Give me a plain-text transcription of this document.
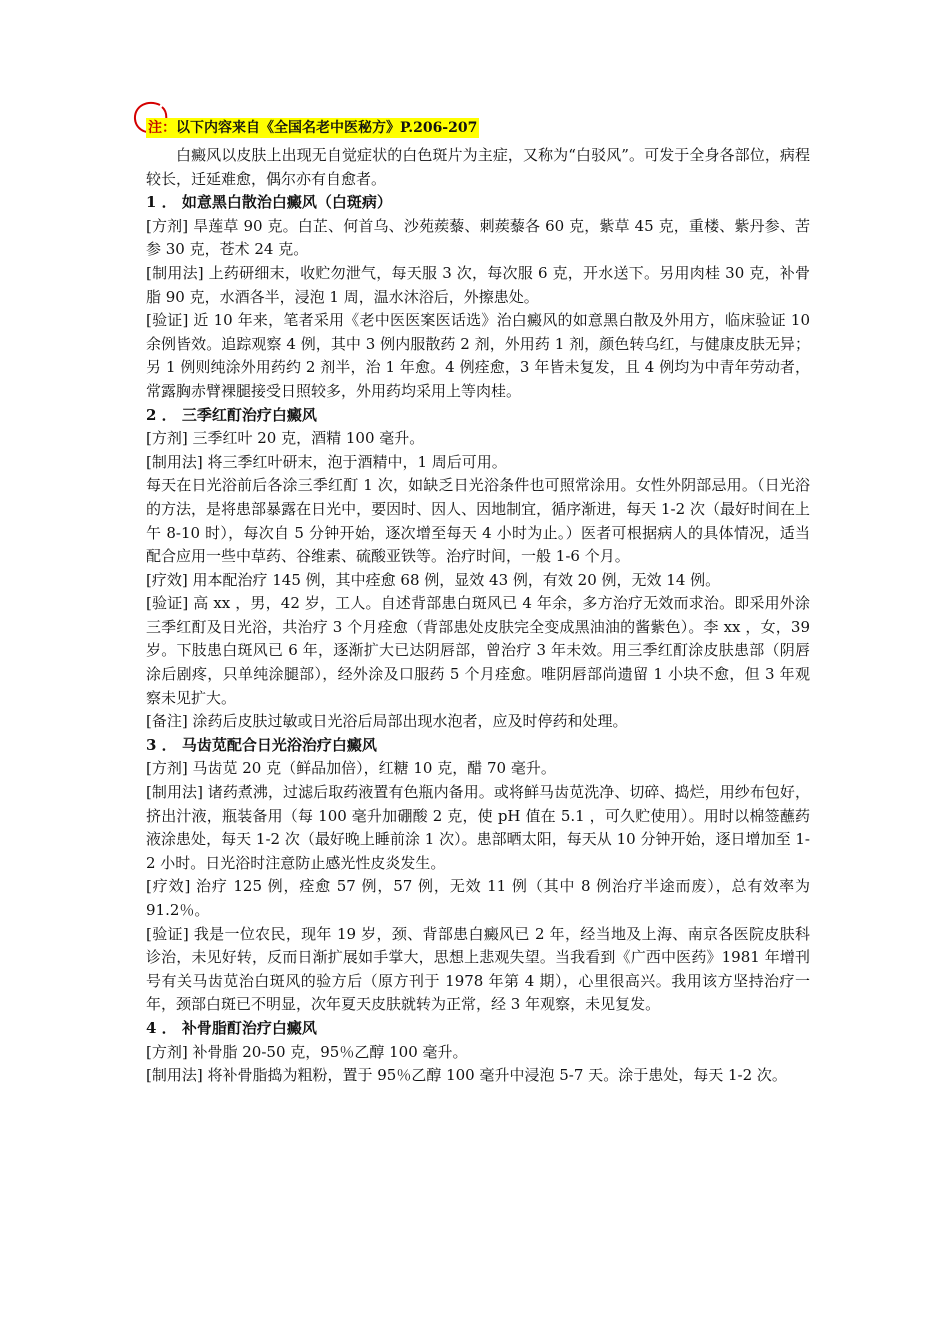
注：以下内容来自《全国名老中医秘方》P.206-207

白癜风以皮肤上出现无自觉症状的白色斑片为主症，又称为“白驳风”。可发于全身各部位，病程较长，迁延难愈，偶尔亦有自愈者。

1 ． 如意黑白散治白癜风（白斑病）

[方剂] 旱莲草 90 克。白芷、何首乌、沙苑蒺藜、刺蒺藜各 60 克，紫草 45 克，重楼、紫丹参、苦参 30 克，苍术 24 克。

[制用法] 上药研细末，收贮勿泄气，每天服 3 次，每次服 6 克，开水送下。另用肉桂 30 克，补骨脂 90 克，水酒各半，浸泡 1 周，温水沐浴后，外擦患处。

[验证] 近 10 年来，笔者采用《老中医医案医话选》治白癜风的如意黑白散及外用方，临床验证 10 余例皆效。追踪观察 4 例，其中 3 例内服散药 2 剂，外用药 1 剂，颜色转乌红，与健康皮肤无异；另 1 例则纯涂外用药约 2 剂半，治 1 年愈。4 例痊愈，3 年皆未复发，且 4 例均为中青年劳动者，常露胸赤臂裸腿接受日照较多，外用药均采用上等肉桂。

2 ． 三季红酊治疗白癜风

[方剂] 三季红叶 20 克，酒精 100 毫升。

[制用法] 将三季红叶研末，泡于酒精中，1 周后可用。

每天在日光浴前后各涂三季红酊 1 次，如缺乏日光浴条件也可照常涂用。女性外阴部忌用。（日光浴的方法，是将患部暴露在日光中，要因时、因人、因地制宜，循序渐进，每天 1-2 次（最好时间在上午 8-10 时），每次自 5 分钟开始，逐次增至每天 4 小时为止。）医者可根据病人的具体情况，适当配合应用一些中草药、谷维素、硫酸亚铁等。治疗时间，一般 1-6 个月。

[疗效] 用本配治疗 145 例，其中痊愈 68 例，显效 43 例，有效 20 例，无效 14 例。

[验证] 高 xx ，男，42 岁，工人。自述背部患白斑风已 4 年余，多方治疗无效而求治。即采用外涂三季红酊及日光浴，共治疗 3 个月痊愈（背部患处皮肤完全变成黑油油的酱紫色）。李 xx ，女，39 岁。下肢患白斑风已 6 年，逐渐扩大已达阴唇部，曾治疗 3 年未效。用三季红酊涂皮肤患部（阴唇涂后剧疼，只单纯涂腿部），经外涂及口服药 5 个月痊愈。唯阴唇部尚遗留 1 小块不愈，但 3 年观察未见扩大。

[备注] 涂药后皮肤过敏或日光浴后局部出现水泡者，应及时停药和处理。

3 ． 马齿苋配合日光浴治疗白癜风

[方剂] 马齿苋 20 克（鲜品加倍），红糖 10 克，醋 70 毫升。

[制用法] 诸药煮沸，过滤后取药液置有色瓶内备用。或将鲜马齿苋洗净、切碎、捣烂，用纱布包好，挤出汁液，瓶装备用（每 100 毫升加硼酸 2 克，使 pH 值在 5.1 ，可久贮使用）。用时以棉签蘸药液涂患处，每天 1-2 次（最好晚上睡前涂 1 次）。患部晒太阳，每天从 10 分钟开始，逐日增加至 1-2 小时。日光浴时注意防止感光性皮炎发生。

[疗效] 治疗 125 例，痊愈 57 例，57 例，无效 11 例（其中 8 例治疗半途而废），总有效率为 91.2％。

[验证] 我是一位农民，现年 19 岁，颈、背部患白癜风已 2 年，经当地及上海、南京各医院皮肤科诊治，未见好转，反而日渐扩展如手掌大，思想上悲观失望。当我看到《广西中医药》1981 年增刊号有关马齿苋治白斑风的验方后（原方刊于 1978 年第 4 期），心里很高兴。我用该方坚持治疗一年，颈部白斑已不明显，次年夏天皮肤就转为正常，经 3 年观察，未见复发。

4 ． 补骨脂酊治疗白癜风

[方剂] 补骨脂 20-50 克，95％乙醇 100 毫升。

[制用法] 将补骨脂捣为粗粉，置于 95％乙醇 100 毫升中浸泡 5-7 天。涂于患处，每天 1-2 次。
